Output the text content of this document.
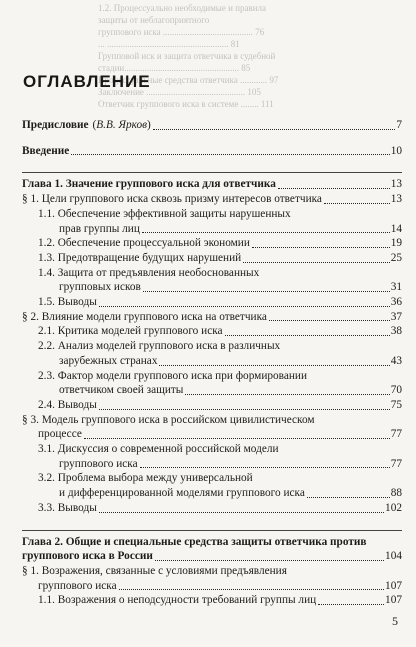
1.2. Процессуально необходимые и правила
защиты от неблагоприятного
группового иска ........................................ 76
... ...................................................... 81
Групповой иск и защита ответчика в судебной
стадии................................................... 85
Процессуальные средства ответчика ............ 97
Заключение ............................................ 105
Ответчик группового иска в системе ........ 111
ОГЛАВЛЕНИЕ
Предисловие (В.В. Ярков)	7
Введение	10
Глава 1. Значение группового иска для ответчика	13
§ 1. Цели группового иска сквозь призму интересов ответчика	13
1.1. Обеспечение эффективной защиты нарушенных
прав группы лиц	14
1.2. Обеспечение процессуальной экономии	19
1.3. Предотвращение будущих нарушений	25
1.4. Защита от предъявления необоснованных
групповых исков	31
1.5. Выводы	36
§ 2. Влияние модели группового иска на ответчика	37
2.1. Критика моделей группового иска	38
2.2. Анализ моделей группового иска в различных
зарубежных странах	43
2.3. Фактор модели группового иска при формировании
ответчиком своей защиты	70
2.4. Выводы	75
§ 3. Модель группового иска в российском цивилистическом
процессе	77
3.1. Дискуссия о современной российской модели
группового иска	77
3.2. Проблема выбора между универсальной
и дифференцированной моделями группового иска	88
3.3. Выводы	102
Глава 2. Общие и специальные средства защиты ответчика против
группового иска в России	104
§ 1. Возражения, связанные с условиями предъявления
группового иска	107
1.1. Возражения о неподсудности требований группы лиц	107
5
